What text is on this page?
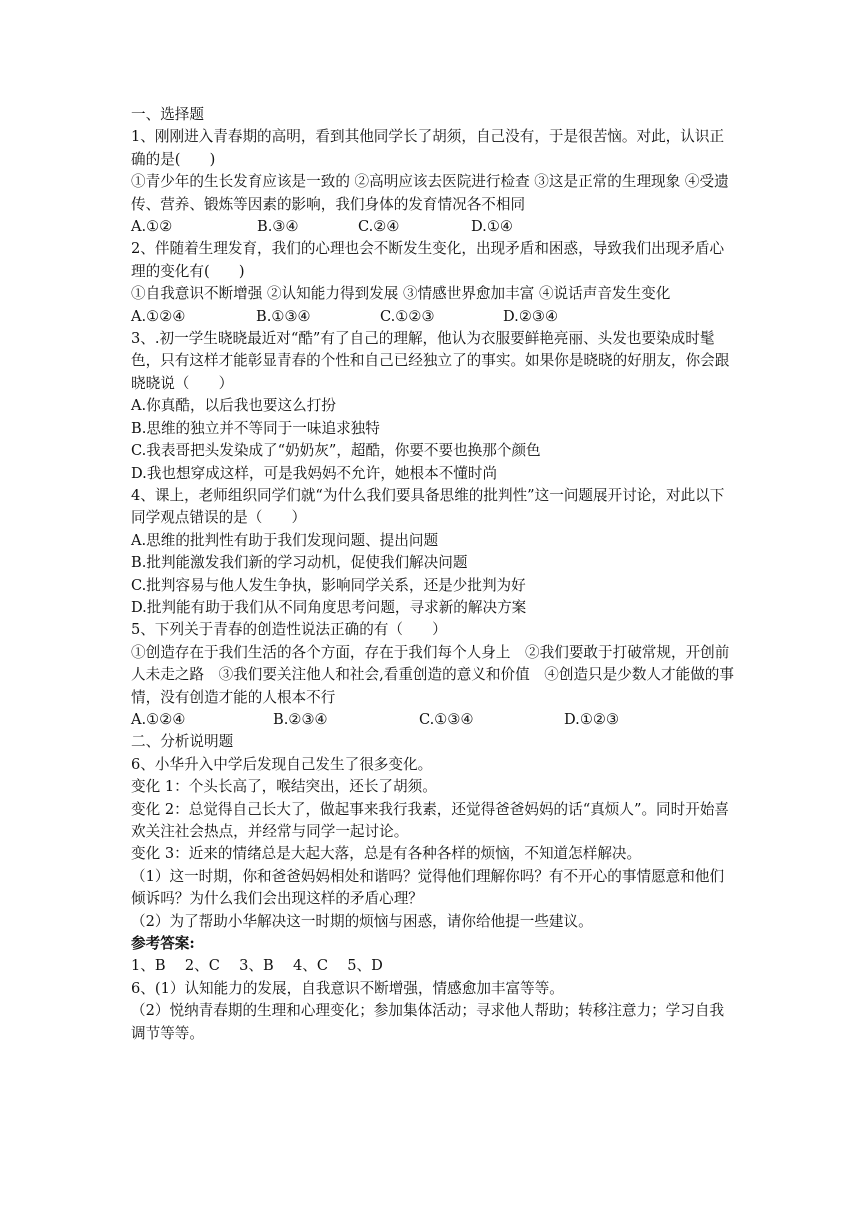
一、选择题

1、刚刚进入青春期的高明，看到其他同学长了胡须，自己没有，于是很苦恼。对此，认识正确的是(　　)

①青少年的生长发育应该是一致的 ②高明应该去医院进行检查 ③这是正常的生理现象 ④受遗传、营养、锻炼等因素的影响，我们身体的发育情况各不相同

A.①②	B.③④	C.②④	D.①④

2、伴随着生理发育，我们的心理也会不断发生变化，出现矛盾和困惑，导致我们出现矛盾心理的变化有(　　)

①自我意识不断增强 ②认知能力得到发展 ③情感世界愈加丰富 ④说话声音发生变化

A.①②④	B.①③④	C.①②③	D.②③④

3、.初一学生晓晓最近对“酷”有了自己的理解，他认为衣服要鲜艳亮丽、头发也要染成时髦色，只有这样才能彰显青春的个性和自己已经独立了的事实。如果你是晓晓的好朋友，你会跟晓晓说（　　）

A.你真酷，以后我也要这么打扮

B.思维的独立并不等同于一味追求独特

C.我表哥把头发染成了“奶奶灰”，超酷，你要不要也换那个颜色

D.我也想穿成这样，可是我妈妈不允许，她根本不懂时尚

4、课上，老师组织同学们就“为什么我们要具备思维的批判性”这一问题展开讨论，对此以下同学观点错误的是（　　）

A.思维的批判性有助于我们发现问题、提出问题

B.批判能激发我们新的学习动机，促使我们解决问题

C.批判容易与他人发生争执，影响同学关系，还是少批判为好

D.批判能有助于我们从不同角度思考问题，寻求新的解决方案

5、下列关于青春的创造性说法正确的有（　　）

①创造存在于我们生活的各个方面，存在于我们每个人身上　②我们要敢于打破常规，开创前人未走之路　③我们要关注他人和社会,看重创造的意义和价值　④创造只是少数人才能做的事情，没有创造才能的人根本不行

A.①②④	B.②③④	C.①③④	D.①②③

二、分析说明题

6、小华升入中学后发现自己发生了很多变化。

变化 1：个头长高了，喉结突出，还长了胡须。

变化 2：总觉得自己长大了，做起事来我行我素，还觉得爸爸妈妈的话“真烦人”。同时开始喜欢关注社会热点，并经常与同学一起讨论。

变化 3：近来的情绪总是大起大落，总是有各种各样的烦恼，不知道怎样解决。

（1）这一时期，你和爸爸妈妈相处和谐吗？觉得他们理解你吗？有不开心的事情愿意和他们倾诉吗？为什么我们会出现这样的矛盾心理？

（2）为了帮助小华解决这一时期的烦恼与困惑，请你给他提一些建议。

参考答案:

1、B　 2、C　 3、B　 4、C　 5、D

6、(1）认知能力的发展，自我意识不断增强，情感愈加丰富等等。

（2）悦纳青春期的生理和心理变化；参加集体活动；寻求他人帮助；转移注意力；学习自我调节等等。
